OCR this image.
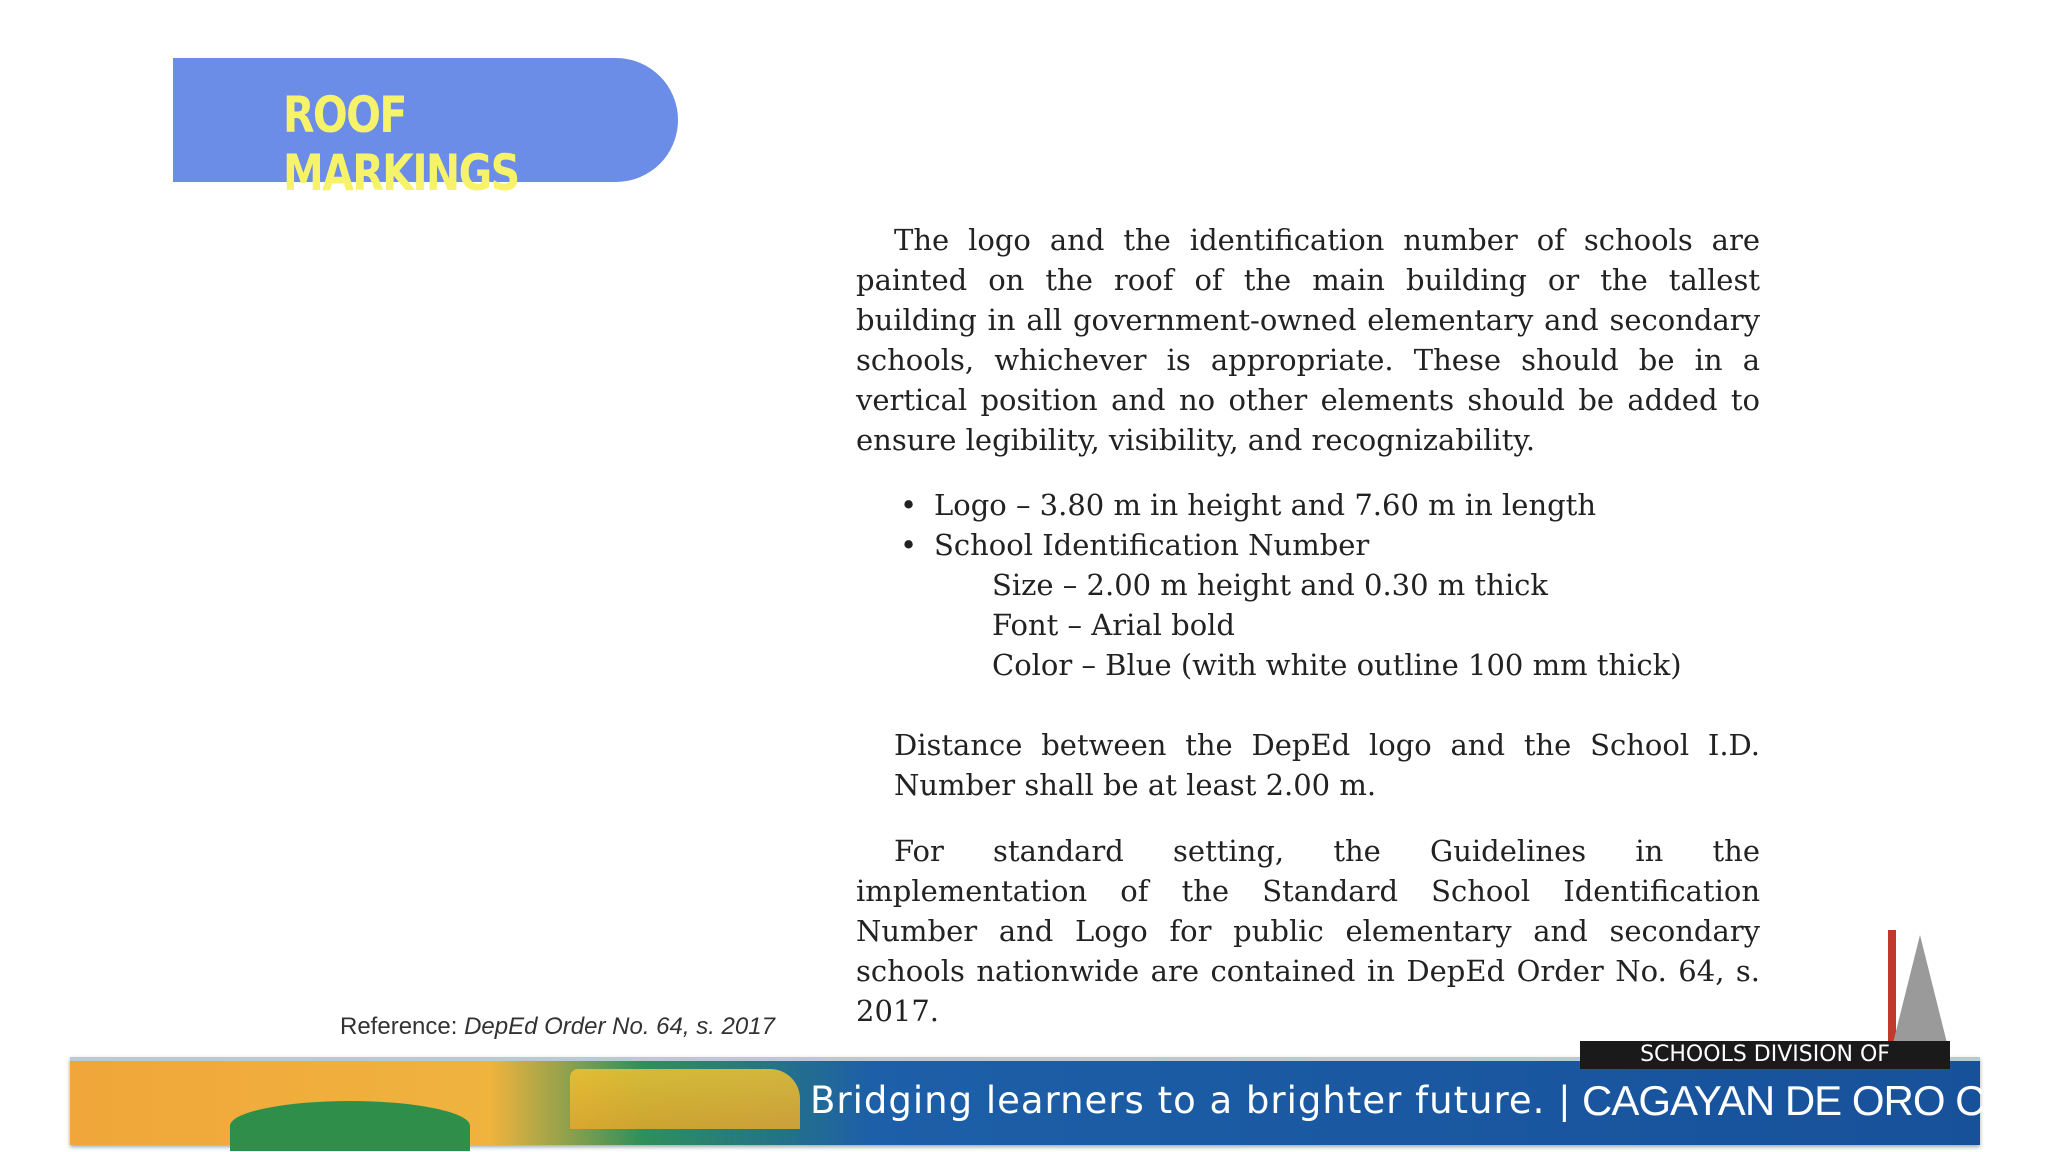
ROOF MARKINGS

The logo and the identification number of schools are painted on the roof of the main building or the tallest building in all government-owned elementary and secondary schools, whichever is appropriate. These should be in a vertical position and no other elements should be added to ensure legibility, visibility, and recognizability.

• Logo – 3.80 m in height and 7.60 m in length
• School Identification Number
Size – 2.00 m height and 0.30 m thick
Font – Arial bold
Color – Blue (with white outline 100 mm thick)

Distance between the DepEd logo and the School I.D. Number shall be at least 2.00 m.

For standard setting, the Guidelines in the implementation of the Standard School Identification Number and Logo for public elementary and secondary schools nationwide are contained in DepEd Order No. 64, s. 2017.

Reference: DepEd Order No. 64, s. 2017
Bridging learners to a brighter future. |
SCHOOLS DIVISION OF
CAGAYAN DE ORO CITY
